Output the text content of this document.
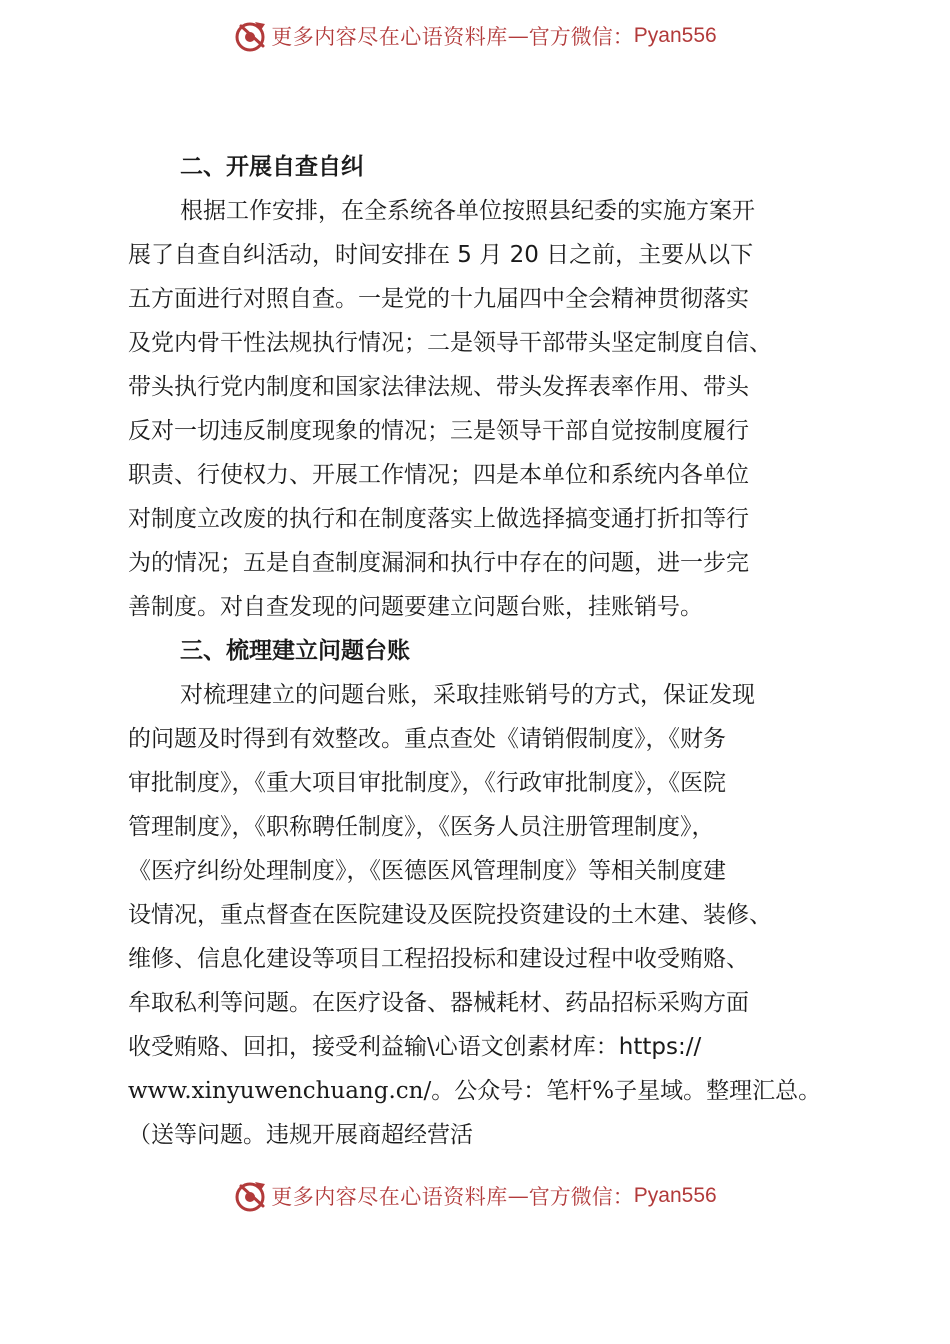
更多内容尽在心语资料库 — 官方微信： Pyan556
二、开展自查自纠
根据工作安排，在全系统各单位按照县纪委的实施方案开
展了自查自纠活动，时间安排在 5 月 20 日之前，主要从以下
五方面进行对照自查。一是党的十九届四中全会精神贯彻落实
及党内骨干性法规执行情况；二是领导干部带头坚定制度自信、
带头执行党内制度和国家法律法规、带头发挥表率作用、带头
反对一切违反制度现象的情况；三是领导干部自觉按制度履行
职责、行使权力、开展工作情况；四是本单位和系统内各单位
对制度立改废的执行和在制度落实上做选择搞变通打折扣等行
为的情况；五是自查制度漏洞和执行中存在的问题，进一步完
善制度。对自查发现的问题要建立问题台账，挂账销号。
三、梳理建立问题台账
对梳理建立的问题台账，采取挂账销号的方式，保证发现
的问题及时得到有效整改。重点查处《请销假制度》，《财务
审批制度》，《重大项目审批制度》，《行政审批制度》，《医院
管理制度》，《职称聘任制度》，《医务人员注册管理制度》，
《医疗纠纷处理制度》，《医德医风管理制度》等相关制度建
设情况，重点督查在医院建设及医院投资建设的土木建、装修、
维修、信息化建设等项目工程招投标和建设过程中收受贿赂、
牟取私利等问题。在医疗设备、器械耗材、药品招标采购方面
收受贿赂、回扣，接受利益输\心语文创素材库：https://
www.xinyuwenchuang.cn/。公众号：笔杆%子星域。整理汇总。
（送等问题。违规开展商超经营活
更多内容尽在心语资料库 — 官方微信： Pyan556
